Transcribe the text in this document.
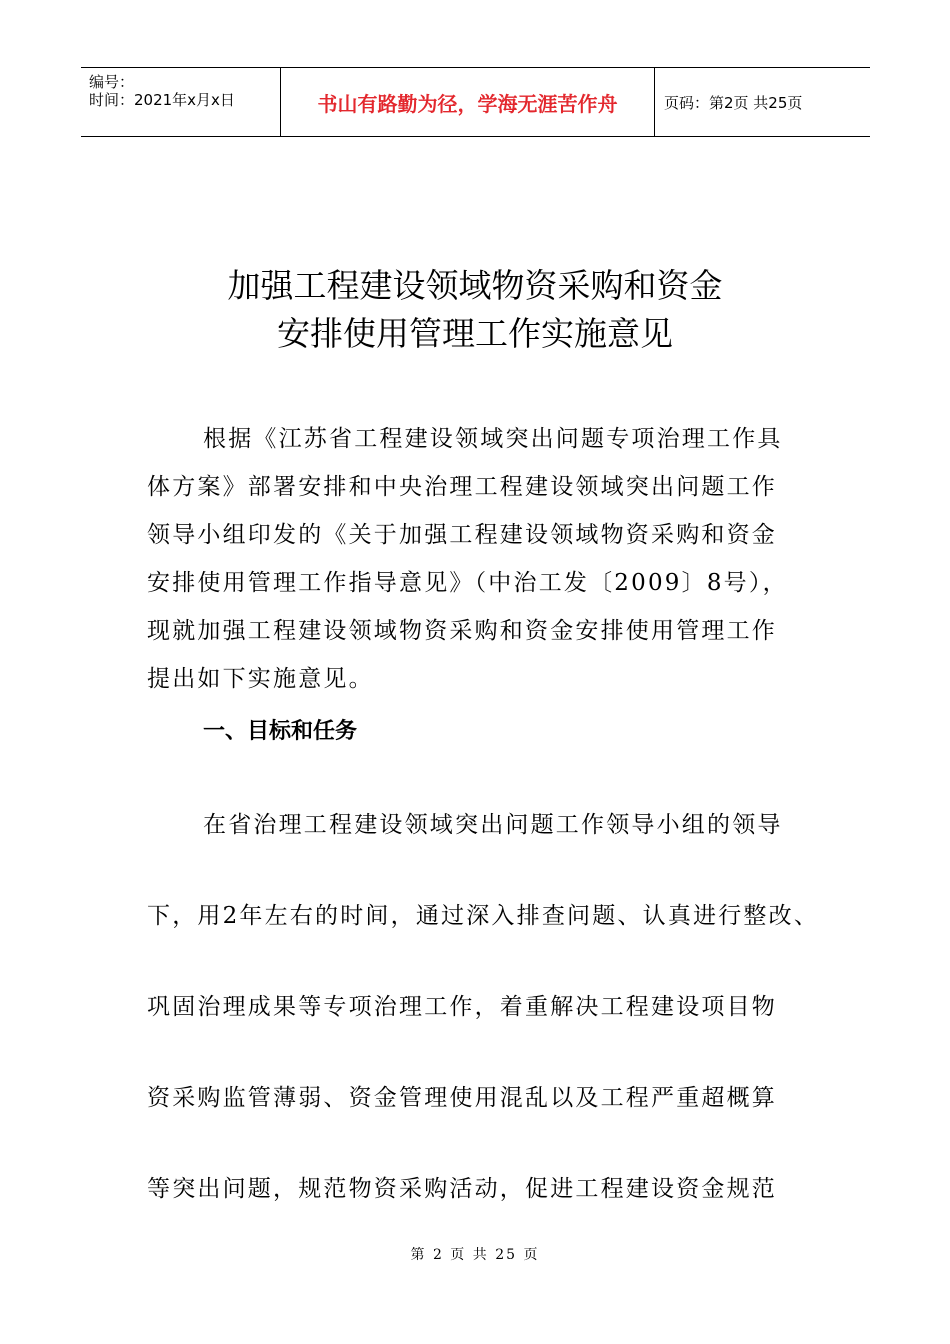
编号：
时间：2021年x月x日	书山有路勤为径，学海无涯苦作舟	页码：第2页 共25页
加强工程建设领域物资采购和资金
安排使用管理工作实施意见
根据《江苏省工程建设领域突出问题专项治理工作具
体方案》部署安排和中央治理工程建设领域突出问题工作
领导小组印发的《关于加强工程建设领域物资采购和资金
安排使用管理工作指导意见》（中治工发〔2009〕8号），
现就加强工程建设领域物资采购和资金安排使用管理工作
提出如下实施意见。
一、目标和任务
在省治理工程建设领域突出问题工作领导小组的领导
下，用2年左右的时间，通过深入排查问题、认真进行整改、
巩固治理成果等专项治理工作，着重解决工程建设项目物
资采购监管薄弱、资金管理使用混乱以及工程严重超概算
等突出问题，规范物资采购活动，促进工程建设资金规范
第 2 页 共 25 页
